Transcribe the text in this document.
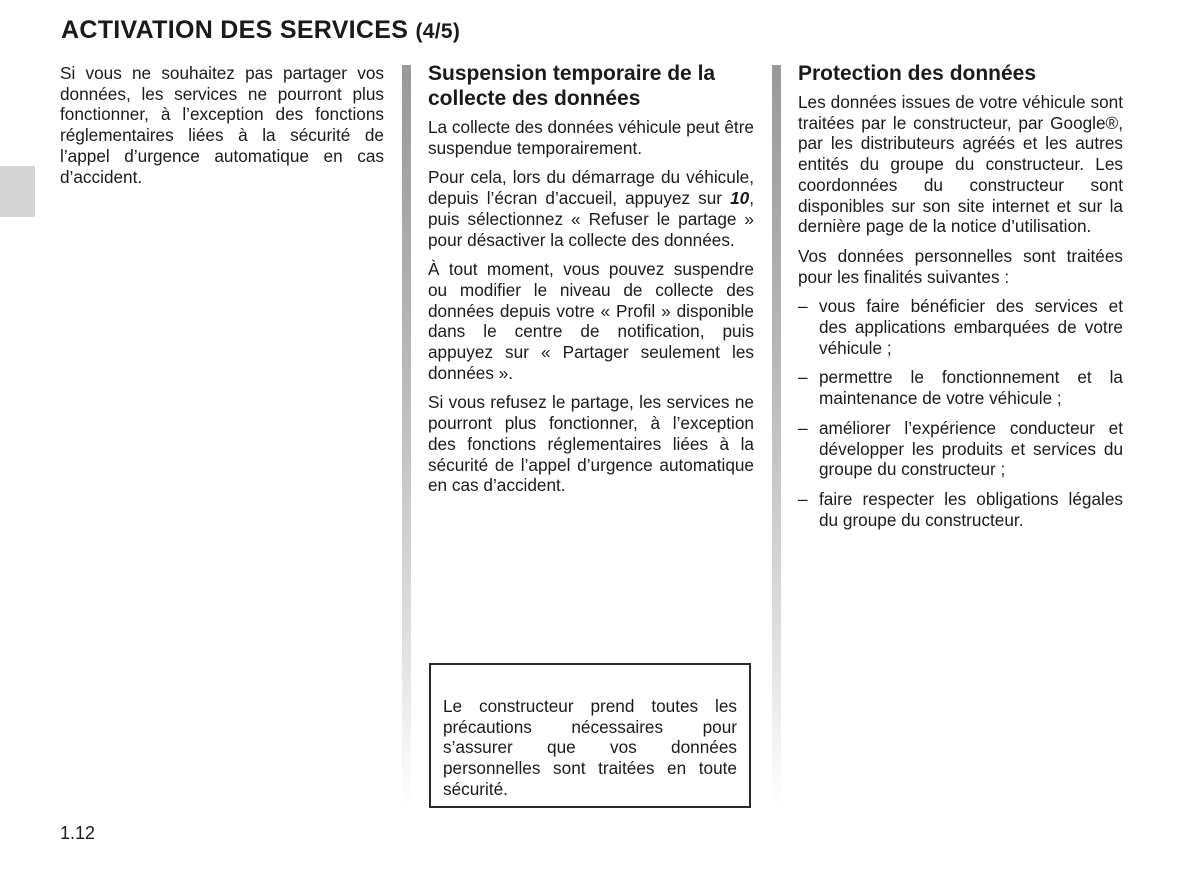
ACTIVATION DES SERVICES (4/5)

Si vous ne souhaitez pas partager vos données, les services ne pourront plus fonctionner, à l’exception des fonctions réglementaires liées à la sécurité de l’appel d’urgence automatique en cas d’accident.

Suspension temporaire de la collecte des données

La collecte des données véhicule peut être suspendue temporairement.

Pour cela, lors du démarrage du véhicule, depuis l’écran d’accueil, appuyez sur 10, puis sélectionnez « Refuser le partage » pour désactiver la collecte des données.

À tout moment, vous pouvez suspendre ou modifier le niveau de collecte des données depuis votre « Profil » disponible dans le centre de notification, puis appuyez sur « Partager seulement les données ».

Si vous refusez le partage, les services ne pourront plus fonctionner, à l’exception des fonctions réglementaires liées à la sécurité de l’appel d’urgence automatique en cas d’accident.

Le constructeur prend toutes les précautions nécessaires pour s’assurer que vos données personnelles sont traitées en toute sécurité.
Protection des données

Les données issues de votre véhicule sont traitées par le constructeur, par Google®, par les distributeurs agréés et les autres entités du groupe du constructeur. Les coordonnées du constructeur sont disponibles sur son site internet et sur la dernière page de la notice d’utilisation.

Vos données personnelles sont traitées pour les finalités suivantes :

– vous faire bénéficier des services et des applications embarquées de votre véhicule ;
– permettre le fonctionnement et la maintenance de votre véhicule ;
– améliorer l’expérience conducteur et développer les produits et services du groupe du constructeur ;
– faire respecter les obligations légales du groupe du constructeur.
1.12
